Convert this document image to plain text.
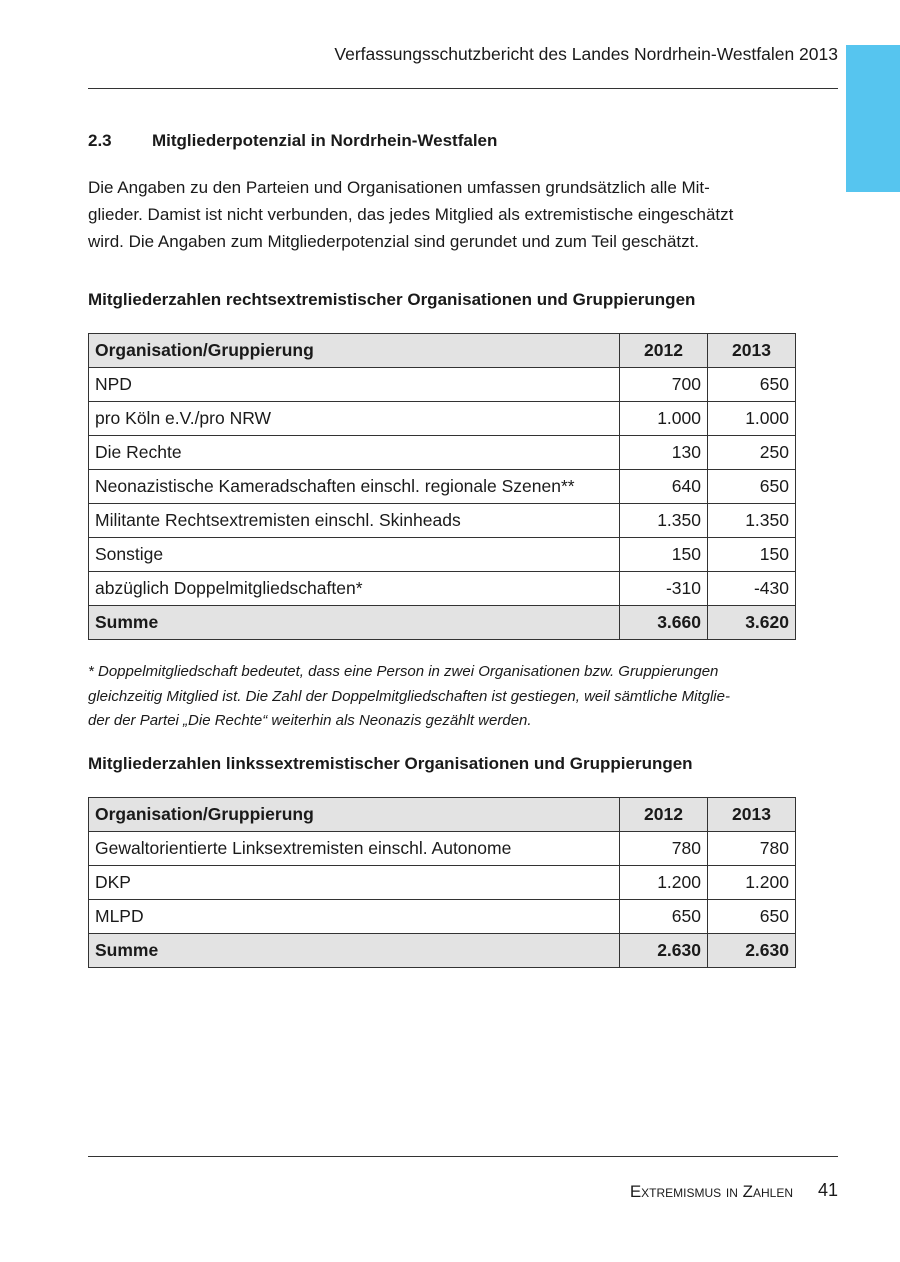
Verfassungsschutzbericht des Landes Nordrhein-Westfalen 2013
2.3 Mitgliederpotenzial in Nordrhein-Westfalen
Die Angaben zu den Parteien und Organisationen umfassen grundsätzlich alle Mit-
glieder. Damist ist nicht verbunden, das jedes Mitglied als extremistische eingeschätzt
wird. Die Angaben zum Mitgliederpotenzial sind gerundet und zum Teil geschätzt.
Mitgliederzahlen rechtsextremistischer Organisationen und Gruppierungen
Organisation/Gruppierung	2012	2013
NPD	700	650
pro Köln e.V./pro NRW	1.000	1.000
Die Rechte	130	250
Neonazistische Kameradschaften einschl. regionale Szenen**	640	650
Militante Rechtsextremisten einschl. Skinheads	1.350	1.350
Sonstige	150	150
abzüglich Doppelmitgliedschaften*	-310	-430
Summe	3.660	3.620
* Doppelmitgliedschaft bedeutet, dass eine Person in zwei Organisationen bzw. Gruppierungen
gleichzeitig Mitglied ist. Die Zahl der Doppelmitgliedschaften ist gestiegen, weil sämtliche Mitglie-
der der Partei „Die Rechte“ weiterhin als Neonazis gezählt werden.
Mitgliederzahlen linkssextremistischer Organisationen und Gruppierungen
Organisation/Gruppierung	2012	2013
Gewaltorientierte Linksextremisten einschl. Autonome	780	780
DKP	1.200	1.200
MLPD	650	650
Summe	2.630	2.630
Extremismus in Zahlen 41
